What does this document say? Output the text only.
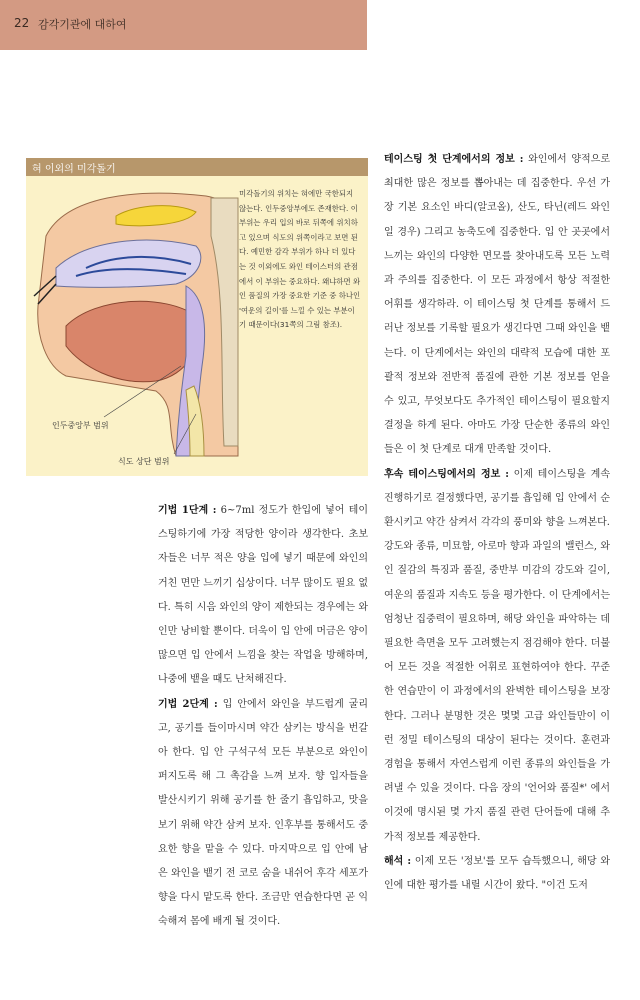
22 감각기관에 대하여
혀 이외의 미각돌기
미각돌기의 위치는 혀에만 국한되지 않는다. 인두중앙부에도 존재한다. 이 부위는 우리 입의 바로 뒤쪽에 위치하고 있으며 식도의 위쪽이라고 보면 된다. 예민한 감각 부위가 하나 더 있다는 것 이외에도 와인 테이스터의 관점에서 이 부위는 중요하다. 왜냐하면 와인 품질의 가장 중요한 기준 중 하나인 '여운의 길이'를 느낄 수 있는 부분이기 때문이다(31쪽의 그림 참조).
인두중앙부 범위
식도 상단 범위

기법 1단계 : 6~7ml 정도가 한입에 넣어 테이스팅하기에 가장 적당한 양이라 생각한다. 초보자들은 너무 적은 양을 입에 넣기 때문에 와인의 거친 면만 느끼기 십상이다. 너무 많이도 필요 없다. 특히 시음 와인의 양이 제한되는 경우에는 와인만 낭비할 뿐이다. 더욱이 입 안에 머금은 양이 많으면 입 안에서 느낌을 찾는 작업을 방해하며, 나중에 뱉을 때도 난처해진다.

기법 2단계 : 입 안에서 와인을 부드럽게 굴리고, 공기를 들이마시며 약간 삼키는 방식을 번갈아 한다. 입 안 구석구석 모든 부분으로 와인이 퍼지도록 해 그 촉감을 느껴 보자. 향 입자들을 발산시키기 위해 공기를 한 줄기 흡입하고, 맛을 보기 위해 약간 삼켜 보자. 인후부를 통해서도 중요한 향을 맡을 수 있다. 마지막으로 입 안에 남은 와인을 뱉기 전 코로 숨을 내쉬어 후각 세포가 향을 다시 맡도록 한다. 조금만 연습한다면 곧 익숙해져 몸에 배게 될 것이다.

테이스팅 첫 단계에서의 정보 : 와인에서 양적으로 최대한 많은 정보를 뽑아내는 데 집중한다. 우선 가장 기본 요소인 바디(알코올), 산도, 타닌(레드 와인일 경우) 그리고 농축도에 집중한다. 입 안 곳곳에서 느끼는 와인의 다양한 면모를 찾아내도록 모든 노력과 주의를 집중한다. 이 모든 과정에서 항상 적절한 어휘를 생각하라. 이 테이스팅 첫 단계를 통해서 드러난 정보를 기록할 필요가 생긴다면 그때 와인을 뱉는다. 이 단계에서는 와인의 대략적 모습에 대한 포괄적 정보와 전반적 품질에 관한 기본 정보를 얻을 수 있고, 무엇보다도 추가적인 테이스팅이 필요할지 결정을 하게 된다. 아마도 가장 단순한 종류의 와인들은 이 첫 단계로 대개 만족할 것이다.

후속 테이스팅에서의 정보 : 이제 테이스팅을 계속 진행하기로 결정했다면, 공기를 흡입해 입 안에서 순환시키고 약간 삼켜서 각각의 풍미와 향을 느껴본다. 강도와 종류, 미묘함, 아로마 향과 과일의 밸런스, 와인 질감의 특징과 품질, 중반부 미감의 강도와 길이, 여운의 품질과 지속도 등을 평가한다. 이 단계에서는 엄청난 집중력이 필요하며, 해당 와인을 파악하는 데 필요한 측면을 모두 고려했는지 점검해야 한다. 더불어 모든 것을 적절한 어휘로 표현하여야 한다. 꾸준한 연습만이 이 과정에서의 완벽한 테이스팅을 보장한다. 그러나 분명한 것은 몇몇 고급 와인들만이 이런 정밀 테이스팅의 대상이 된다는 것이다. 훈련과 경험을 통해서 자연스럽게 이런 종류의 와인들을 가려낼 수 있을 것이다. 다음 장의 '언어와 품질*' 에서 이것에 명시된 몇 가지 품질 관련 단어들에 대해 추가적 정보를 제공한다.

해석 : 이제 모든 '정보'를 모두 습득했으니, 해당 와인에 대한 평가를 내릴 시간이 왔다. "이건 도저
